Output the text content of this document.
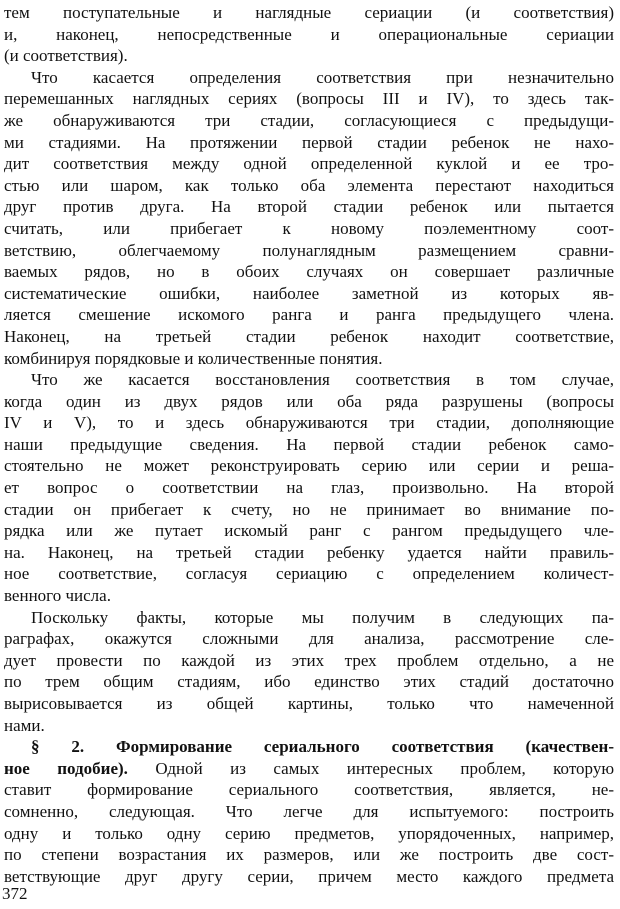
тем поступательные и наглядные сериации (и соответствия)
и, наконец, непосредственные и операциональные сериации
(и соответствия).
Что касается определения соответствия при незначительно
перемешанных наглядных сериях (вопросы III и IV), то здесь так-
же обнаруживаются три стадии, согласующиеся с предыдущи-
ми стадиями. На протяжении первой стадии ребенок не нахо-
дит соответствия между одной определенной куклой и ее тро-
стью или шаром, как только оба элемента перестают находиться
друг против друга. На второй стадии ребенок или пытается
считать, или прибегает к новому поэлементному соот-
ветствию, облегчаемому полунаглядным размещением сравни-
ваемых рядов, но в обоих случаях он совершает различные
систематические ошибки, наиболее заметной из которых яв-
ляется смешение искомого ранга и ранга предыдущего члена.
Наконец, на третьей стадии ребенок находит соответствие,
комбинируя порядковые и количественные понятия.
Что же касается восстановления соответствия в том случае,
когда один из двух рядов или оба ряда разрушены (вопросы
IV и V), то и здесь обнаруживаются три стадии, дополняющие
наши предыдущие сведения. На первой стадии ребенок само-
стоятельно не может реконструировать серию или серии и реша-
ет вопрос о соответствии на глаз, произвольно. На второй
стадии он прибегает к счету, но не принимает во внимание по-
рядка или же путает искомый ранг с рангом предыдущего чле-
на. Наконец, на третьей стадии ребенку удается найти правиль-
ное соответствие, согласуя сериацию с определением количест-
венного числа.
Поскольку факты, которые мы получим в следующих па-
раграфах, окажутся сложными для анализа, рассмотрение сле-
дует провести по каждой из этих трех проблем отдельно, а не
по трем общим стадиям, ибо единство этих стадий достаточно
вырисовывается из общей картины, только что намеченной
нами.
§ 2. Формирование сериального соответствия (качествен-
ное подобие). Одной из самых интересных проблем, которую
ставит формирование сериального соответствия, является, не-
сомненно, следующая. Что легче для испытуемого: построить
одну и только одну серию предметов, упорядоченных, например,
по степени возрастания их размеров, или же построить две сост-
ветствующие друг другу серии, причем место каждого предмета
372
